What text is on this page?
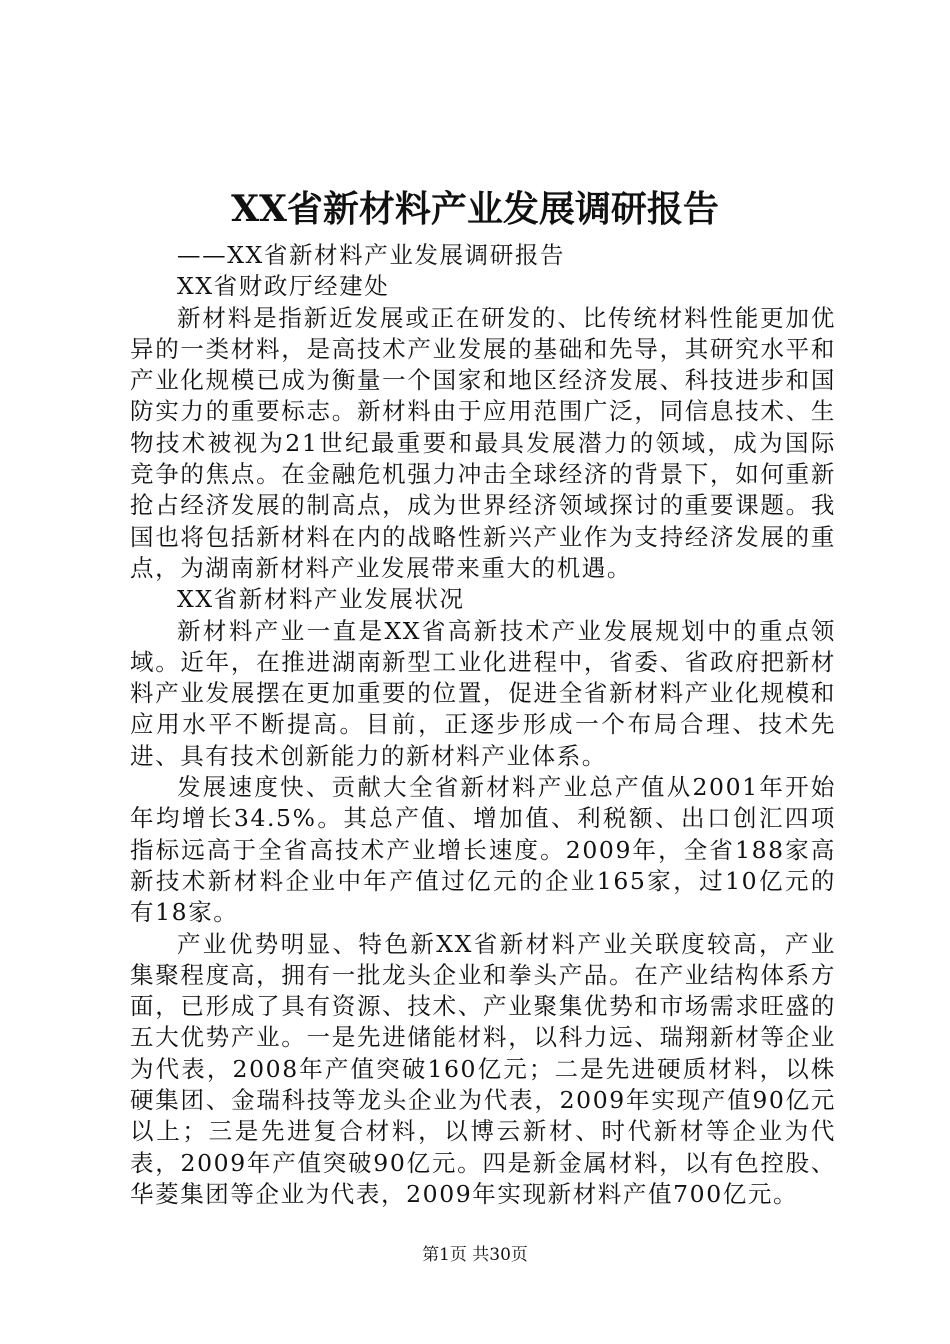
XX省新材料产业发展调研报告

——XX省新材料产业发展调研报告

XX省财政厅经建处

新材料是指新近发展或正在研发的、比传统材料性能更加优异的一类材料，是高技术产业发展的基础和先导，其研究水平和产业化规模已成为衡量一个国家和地区经济发展、科技进步和国防实力的重要标志。新材料由于应用范围广泛，同信息技术、生物技术被视为21世纪最重要和最具发展潜力的领域，成为国际竞争的焦点。在金融危机强力冲击全球经济的背景下，如何重新抢占经济发展的制高点，成为世界经济领域探讨的重要课题。我国也将包括新材料在内的战略性新兴产业作为支持经济发展的重点，为湖南新材料产业发展带来重大的机遇。

XX省新材料产业发展状况

新材料产业一直是XX省高新技术产业发展规划中的重点领域。近年，在推进湖南新型工业化进程中，省委、省政府把新材料产业发展摆在更加重要的位置，促进全省新材料产业化规模和应用水平不断提高。目前，正逐步形成一个布局合理、技术先进、具有技术创新能力的新材料产业体系。

发展速度快、贡献大全省新材料产业总产值从2001年开始年均增长34.5%。其总产值、增加值、利税额、出口创汇四项指标远高于全省高技术产业增长速度。2009年，全省188家高新技术新材料企业中年产值过亿元的企业165家，过10亿元的有18家。

产业优势明显、特色新XX省新材料产业关联度较高，产业集聚程度高，拥有一批龙头企业和拳头产品。在产业结构体系方面，已形成了具有资源、技术、产业聚集优势和市场需求旺盛的五大优势产业。一是先进储能材料，以科力远、瑞翔新材等企业为代表，2008年产值突破160亿元；二是先进硬质材料，以株硬集团、金瑞科技等龙头企业为代表，2009年实现产值90亿元以上；三是先进复合材料，以博云新材、时代新材等企业为代表，2009年产值突破90亿元。四是新金属材料，以有色控股、华菱集团等企业为代表，2009年实现新材料产值700亿元。

第1页 共30页
